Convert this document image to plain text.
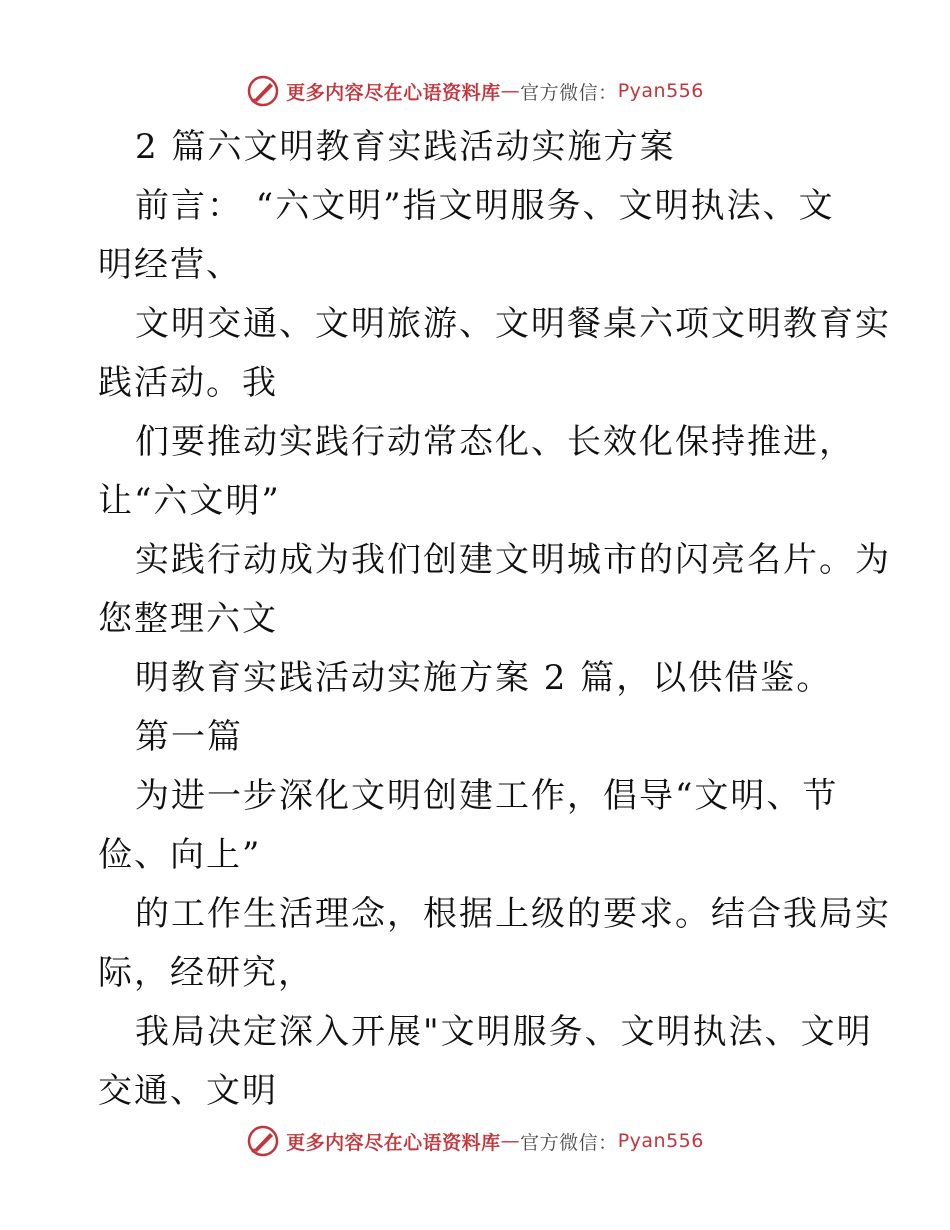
更多内容尽在心语资料库 — 官方微信： Pyan556
2 篇六文明教育实践活动实施方案
前言： “六文明”指文明服务、文明执法、文
明经营、
文明交通、文明旅游、文明餐桌六项文明教育实
践活动。我
们要推动实践行动常态化、长效化保持推进，
让“六文明”
实践行动成为我们创建文明城市的闪亮名片。为
您整理六文
明教育实践活动实施方案 2 篇，以供借鉴。
第一篇
为进一步深化文明创建工作，倡导“文明、节
俭、向上”
的工作生活理念，根据上级的要求。结合我局实
际，经研究，
我局决定深入开展"文明服务、文明执法、文明
交通、文明
更多内容尽在心语资料库 — 官方微信： Pyan556
